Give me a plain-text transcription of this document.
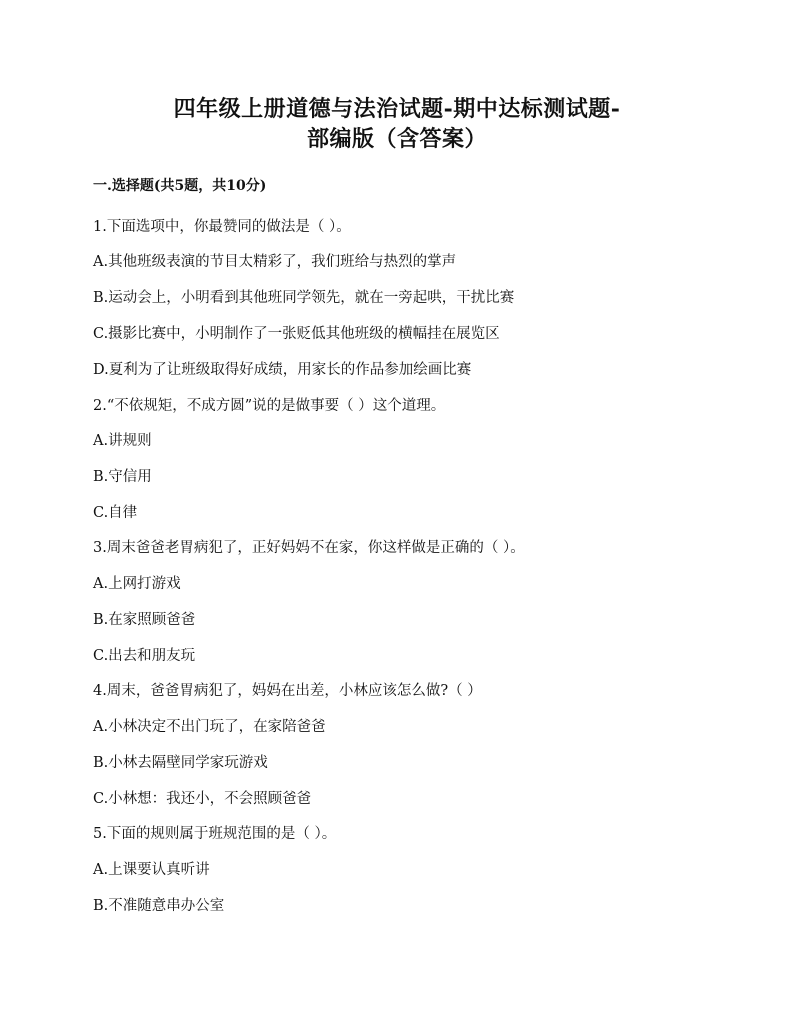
四年级上册道德与法治试题-期中达标测试题-
部编版（含答案）
一.选择题(共5题，共10分)
1.下面选项中，你最赞同的做法是（ ）。
A.其他班级表演的节目太精彩了，我们班给与热烈的掌声
B.运动会上，小明看到其他班同学领先，就在一旁起哄，干扰比赛
C.摄影比赛中，小明制作了一张贬低其他班级的横幅挂在展览区
D.夏利为了让班级取得好成绩，用家长的作品参加绘画比赛
2.“不依规矩，不成方圆”说的是做事要（ ）这个道理。
A.讲规则
B.守信用
C.自律
3.周末爸爸老胃病犯了，正好妈妈不在家，你这样做是正确的（ ）。
A.上网打游戏
B.在家照顾爸爸
C.出去和朋友玩
4.周末，爸爸胃病犯了，妈妈在出差，小林应该怎么做?（ ）
A.小林决定不出门玩了，在家陪爸爸
B.小林去隔壁同学家玩游戏
C.小林想：我还小，不会照顾爸爸
5.下面的规则属于班规范围的是（ ）。
A.上课要认真听讲
B.不准随意串办公室
